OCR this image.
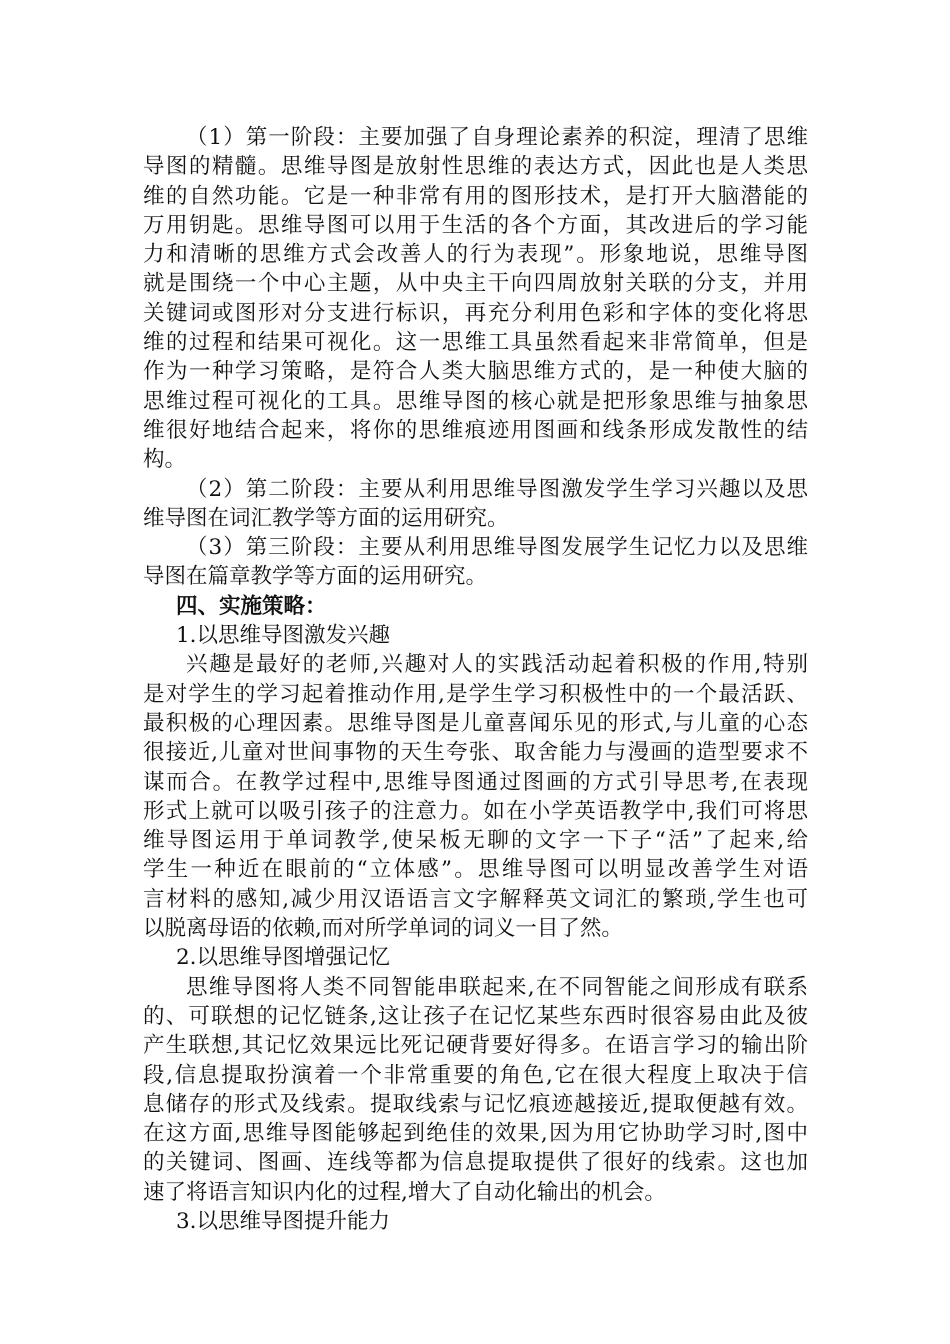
（1）第一阶段：主要加强了自身理论素养的积淀，理清了思维
导图的精髓。思维导图是放射性思维的表达方式，因此也是人类思
维的自然功能。它是一种非常有用的图形技术，是打开大脑潜能的
万用钥匙。思维导图可以用于生活的各个方面，其改进后的学习能
力和清晰的思维方式会改善人的行为表现”。形象地说，思维导图
就是围绕一个中心主题，从中央主干向四周放射关联的分支，并用
关键词或图形对分支进行标识，再充分利用色彩和字体的变化将思
维的过程和结果可视化。这一思维工具虽然看起来非常简单，但是
作为一种学习策略，是符合人类大脑思维方式的，是一种使大脑的
思维过程可视化的工具。思维导图的核心就是把形象思维与抽象思
维很好地结合起来，将你的思维痕迹用图画和线条形成发散性的结
构。
（2）第二阶段：主要从利用思维导图激发学生学习兴趣以及思
维导图在词汇教学等方面的运用研究。
（3）第三阶段：主要从利用思维导图发展学生记忆力以及思维
导图在篇章教学等方面的运用研究。
四、实施策略：
1.以思维导图激发兴趣
兴趣是最好的老师,兴趣对人的实践活动起着积极的作用,特别
是对学生的学习起着推动作用,是学生学习积极性中的一个最活跃、
最积极的心理因素。思维导图是儿童喜闻乐见的形式,与儿童的心态
很接近,儿童对世间事物的天生夸张、取舍能力与漫画的造型要求不
谋而合。在教学过程中,思维导图通过图画的方式引导思考,在表现
形式上就可以吸引孩子的注意力。如在小学英语教学中,我们可将思
维导图运用于单词教学,使呆板无聊的文字一下子“活”了起来,给
学生一种近在眼前的“立体感”。思维导图可以明显改善学生对语
言材料的感知,减少用汉语语言文字解释英文词汇的繁琐,学生也可
以脱离母语的依赖,而对所学单词的词义一目了然。
2.以思维导图增强记忆
思维导图将人类不同智能串联起来,在不同智能之间形成有联系
的、可联想的记忆链条,这让孩子在记忆某些东西时很容易由此及彼
产生联想,其记忆效果远比死记硬背要好得多。在语言学习的输出阶
段,信息提取扮演着一个非常重要的角色,它在很大程度上取决于信
息储存的形式及线索。提取线索与记忆痕迹越接近,提取便越有效。
在这方面,思维导图能够起到绝佳的效果,因为用它协助学习时,图中
的关键词、图画、连线等都为信息提取提供了很好的线索。这也加
速了将语言知识内化的过程,增大了自动化输出的机会。
3.以思维导图提升能力
